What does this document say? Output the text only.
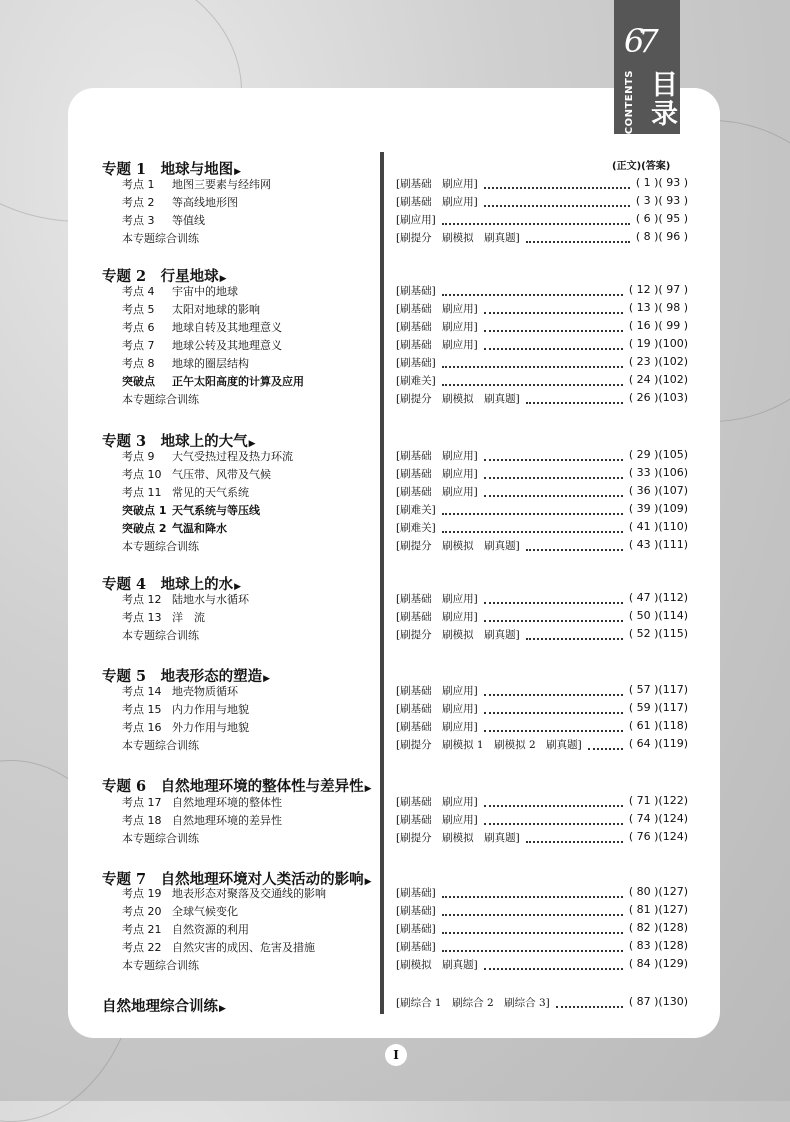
67
CONTENTS 目录
(正文)(答案)
专题 1　地球与地图▶
考点 1 地图三要素与经纬网	[刷基础　刷应用]	( 1 )( 93 )
考点 2 等高线地形图	[刷基础　刷应用]	( 3 )( 93 )
考点 3 等值线	[刷应用]	( 6 )( 95 )
本专题综合训练	[刷提分　刷模拟　刷真题]	( 8 )( 96 )
专题 2　行星地球▶
考点 4 宇宙中的地球	[刷基础]	( 12 )( 97 )
考点 5 太阳对地球的影响	[刷基础　刷应用]	( 13 )( 98 )
考点 6 地球自转及其地理意义	[刷基础　刷应用]	( 16 )( 99 )
考点 7 地球公转及其地理意义	[刷基础　刷应用]	( 19 )(100)
考点 8 地球的圈层结构	[刷基础]	( 23 )(102)
突破点 正午太阳高度的计算及应用	[刷难关]	( 24 )(102)
本专题综合训练	[刷提分　刷模拟　刷真题]	( 26 )(103)
专题 3　地球上的大气▶
考点 9 大气受热过程及热力环流	[刷基础　刷应用]	( 29 )(105)
考点 10 气压带、风带及气候	[刷基础　刷应用]	( 33 )(106)
考点 11 常见的天气系统	[刷基础　刷应用]	( 36 )(107)
突破点 1 天气系统与等压线	[刷难关]	( 39 )(109)
突破点 2 气温和降水	[刷难关]	( 41 )(110)
本专题综合训练	[刷提分　刷模拟　刷真题]	( 43 )(111)
专题 4　地球上的水▶
考点 12 陆地水与水循环	[刷基础　刷应用]	( 47 )(112)
考点 13 洋　流	[刷基础　刷应用]	( 50 )(114)
本专题综合训练	[刷提分　刷模拟　刷真题]	( 52 )(115)
专题 5　地表形态的塑造▶
考点 14 地壳物质循环	[刷基础　刷应用]	( 57 )(117)
考点 15 内力作用与地貌	[刷基础　刷应用]	( 59 )(117)
考点 16 外力作用与地貌	[刷基础　刷应用]	( 61 )(118)
本专题综合训练	[刷提分　刷模拟 1　刷模拟 2　刷真题]	( 64 )(119)
专题 6　自然地理环境的整体性与差异性▶
考点 17 自然地理环境的整体性	[刷基础　刷应用]	( 71 )(122)
考点 18 自然地理环境的差异性	[刷基础　刷应用]	( 74 )(124)
本专题综合训练	[刷提分　刷模拟　刷真题]	( 76 )(124)
专题 7　自然地理环境对人类活动的影响▶
考点 19 地表形态对聚落及交通线的影响	[刷基础]	( 80 )(127)
考点 20 全球气候变化	[刷基础]	( 81 )(127)
考点 21 自然资源的利用	[刷基础]	( 82 )(128)
考点 22 自然灾害的成因、危害及措施	[刷基础]	( 83 )(128)
本专题综合训练	[刷模拟　刷真题]	( 84 )(129)
自然地理综合训练▶	[刷综合 1　刷综合 2　刷综合 3]	( 87 )(130)
I
